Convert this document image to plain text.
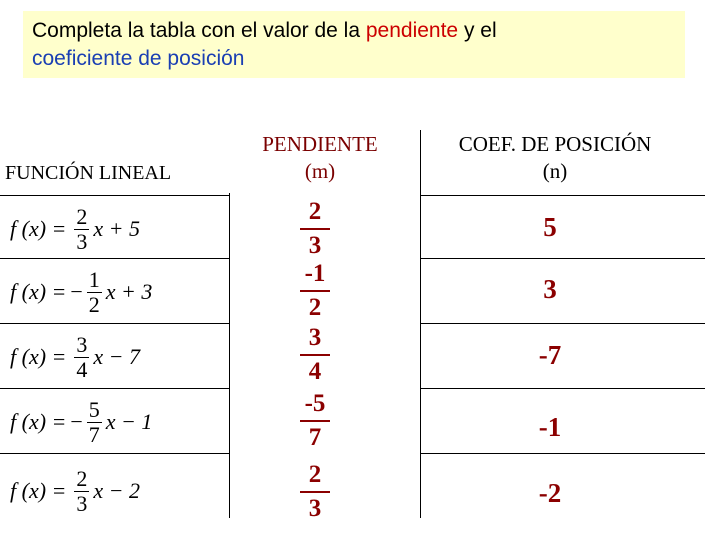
Completa la tabla con el valor de la pendiente y el
coeficiente de posición
FUNCIÓN LINEAL
PENDIENTE
(m)
COEF. DE POSICIÓN
(n)
f $(x) = \frac{2}{3}$ x + 5
2
3
5
f (x) = − $\frac{1}{2}$ x + 3
-1
2
3
f $(x) = \frac{3}{4}$ x − 7
3
4
-7
f (x) = − $\frac{5}{7}$ x − 1
-5
7	-1
f $(x) = \frac{2}{3}$ x − 2
2
3
-2
